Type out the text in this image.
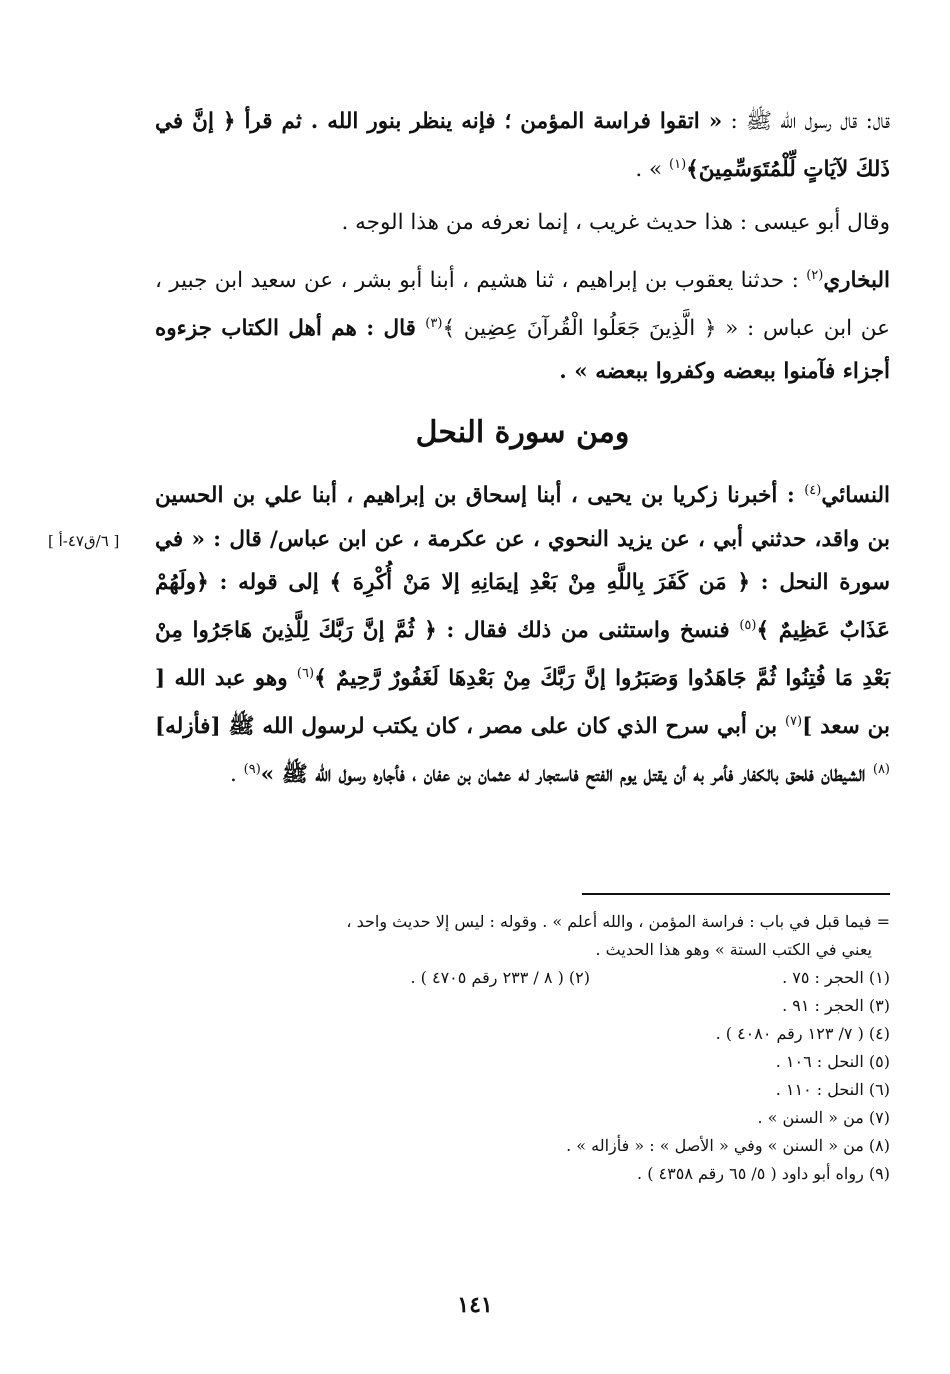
قال: قال رسول الله ﷺ : « اتقوا فراسة المؤمن ؛ فإنه ينظر بنور الله . ثم قرأ ﴿ إنَّ في ذَلكَ لآيَاتٍ لِّلْمُتَوَسِّمِينَ﴾$^{(١)}$ » .

وقال أبو عيسى : هذا حديث غريب ، إنما نعرفه من هذا الوجه .

البخاري$^{(٢)}$ : حدثنا يعقوب بن إبراهيم ، ثنا هشيم ، أبنا أبو بشر ، عن سعيد ابن جبير ، عن ابن عباس : « ﴿ الَّذِينَ جَعَلُوا الْقُرآنَ عِضِين ﴾$^{(٣)}$ قال : هم أهل الكتاب جزءوه أجزاء فآمنوا ببعضه وكفروا ببعضه » .

ومن سورة النحل

النسائي$^{(٤)}$ : أخبرنا زكريا بن يحيى ، أبنا إسحاق بن إبراهيم ، أبنا علي بن الحسين بن واقد، حدثني أبي ، عن يزيد النحوي ، عن عكرمة ، عن ابن عباس/ قال : « في سورة النحل : ﴿ مَن كَفَرَ بِاللَّهِ مِنْ بَعْدِ إيمَانِهِ إلا مَنْ أُكْرِهَ ﴾ إلى قوله : ﴿ولَهُمْ عَذَابٌ عَظِيمٌ ﴾$^{(٥)}$ فنسخ واستثنى من ذلك فقال : ﴿ ثُمَّ إنَّ رَبَّكَ لِلَّذِينَ هَاجَرُوا مِنْ بَعْدِ مَا فُتِنُوا ثُمَّ جَاهَدُوا وَصَبَرُوا إنَّ رَبَّكَ مِنْ بَعْدِهَا لَغَفُورٌ رَّحِيمٌ ﴾$^{(٦)}$ وهو عبد الله [ بن سعد ]$^{(٧)}$ بن أبي سرح الذي كان على مصر ، كان يكتب لرسول الله ﷺ [فأزله]$^{(٨)}$ الشيطان فلحق بالكفار فأمر به أن يقتل يوم الفتح فاستجار له عثمان بن عفان ، فأجاره رسول الله ﷺ »$^{(٩)}$ .

[ ٦/ق٤٧-أ ]
= فيما قبل في باب : فراسة المؤمن ، والله أعلم » . وقوله : ليس إلا حديث واحد ،
يعني في الكتب الستة » وهو هذا الحديث .
(١) الحجر : ٧٥ .
(٢) ( ٨ / ٢٣٣ رقم ٤٧٠٥ ) .
(٣) الحجر : ٩١ .
(٤) ( ٧/ ١٢٣ رقم ٤٠٨٠ ) .
(٥) النحل : ١٠٦ .
(٦) النحل : ١١٠ .
(٧) من « السنن » .
(٨) من « السنن » وفي « الأصل » : « فأزاله » .
(٩) رواه أبو داود ( ٥/ ٦٥ رقم ٤٣٥٨ ) .
١٤١
